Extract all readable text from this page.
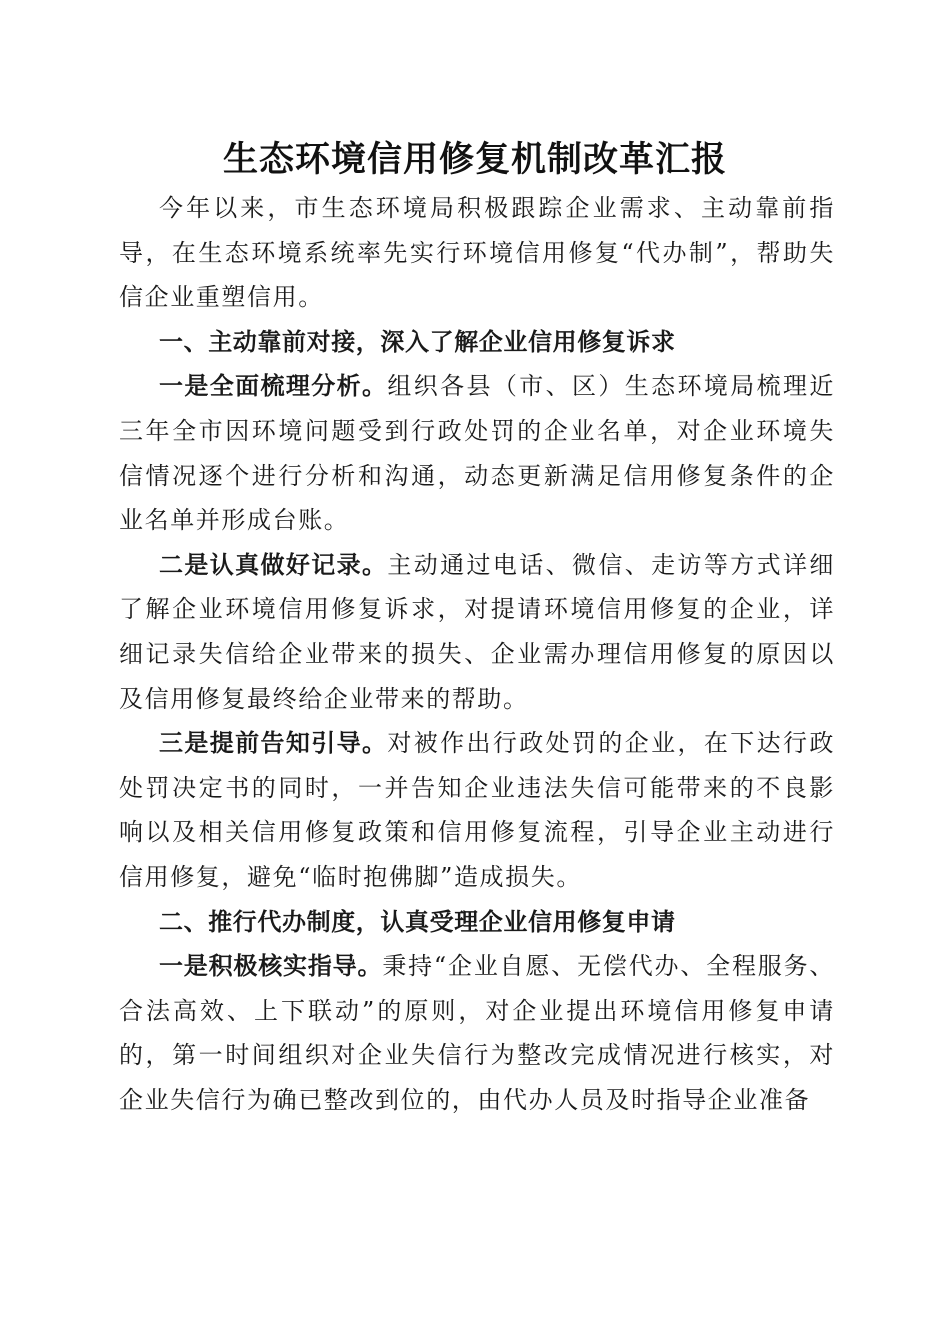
生态环境信用修复机制改革汇报

今年以来，市生态环境局积极跟踪企业需求、主动靠前指导，在生态环境系统率先实行环境信用修复“代办制”，帮助失信企业重塑信用。

一、主动靠前对接，深入了解企业信用修复诉求

一是全面梳理分析。组织各县（市、区）生态环境局梳理近三年全市因环境问题受到行政处罚的企业名单，对企业环境失信情况逐个进行分析和沟通，动态更新满足信用修复条件的企业名单并形成台账。

二是认真做好记录。主动通过电话、微信、走访等方式详细了解企业环境信用修复诉求，对提请环境信用修复的企业，详细记录失信给企业带来的损失、企业需办理信用修复的原因以及信用修复最终给企业带来的帮助。

三是提前告知引导。对被作出行政处罚的企业，在下达行政处罚决定书的同时，一并告知企业违法失信可能带来的不良影响以及相关信用修复政策和信用修复流程，引导企业主动进行信用修复，避免“临时抱佛脚”造成损失。

二、推行代办制度，认真受理企业信用修复申请

一是积极核实指导。秉持“企业自愿、无偿代办、全程服务、合法高效、上下联动”的原则，对企业提出环境信用修复申请的，第一时间组织对企业失信行为整改完成情况进行核实，对企业失信行为确已整改到位的，由代办人员及时指导企业准备
